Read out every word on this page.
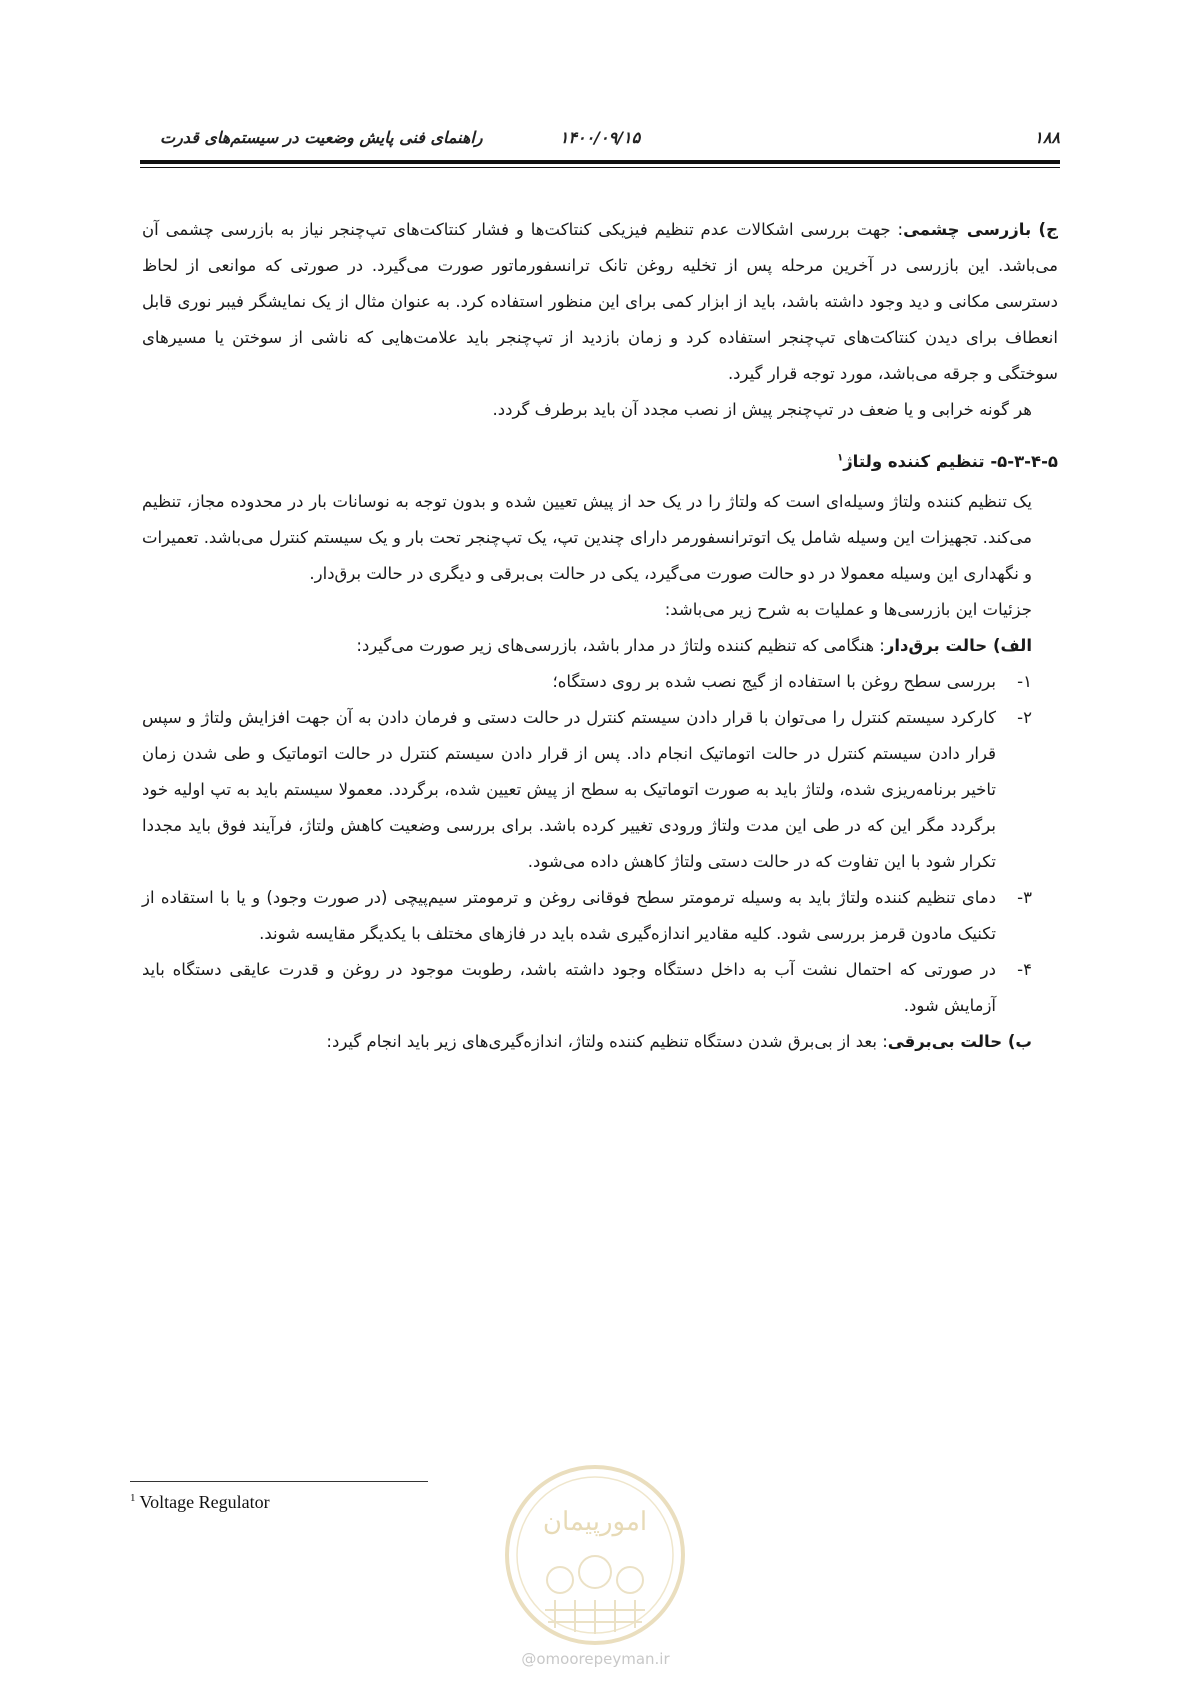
۱۸۸
۱۴۰۰/۰۹/۱۵
راهنمای فنی پایش وضعیت در سیستم‌های قدرت

ج) بازرسی چشمی: جهت بررسی اشکالات عدم تنظیم فیزیکی کنتاکت‌ها و فشار کنتاکت‌های تپ‌چنجر نیاز به بازرسی چشمی آن می‌باشد. این بازرسی در آخرین مرحله پس از تخلیه روغن تانک ترانسفورماتور صورت می‌گیرد. در صورتی که موانعی از لحاظ دسترسی مکانی و دید وجود داشته باشد، باید از ابزار کمی برای این منظور استفاده کرد. به عنوان مثال از یک نمایشگر فیبر نوری قابل انعطاف برای دیدن کنتاکت‌های تپ‌چنجر استفاده کرد و زمان بازدید از تپ‌چنجر باید علامت‌هایی که ناشی از سوختن یا مسیرهای سوختگی و جرقه می‌باشد، مورد توجه قرار گیرد.

هر گونه خرابی و یا ضعف در تپ‌چنجر پیش از نصب مجدد آن باید برطرف گردد.

۵-۳-۴-۵- تنظیم کننده ولتاژ$^۱$

یک تنظیم کننده ولتاژ وسیله‌ای است که ولتاژ را در یک حد از پیش تعیین شده و بدون توجه به نوسانات بار در محدوده مجاز، تنظیم می‌کند. تجهیزات این وسیله شامل یک اتوترانسفورمر دارای چندین تپ، یک تپ‌چنجر تحت بار و یک سیستم کنترل می‌باشد. تعمیرات و نگهداری این وسیله معمولا در دو حالت صورت می‌گیرد، یکی در حالت بی‌برقی و دیگری در حالت برق‌دار.

جزئیات این بازرسی‌ها و عملیات به شرح زیر می‌باشد:

الف) حالت برق‌دار: هنگامی که تنظیم کننده ولتاژ در مدار باشد، بازرسی‌های زیر صورت می‌گیرد:

۱-
بررسی سطح روغن با استفاده از گیج نصب شده بر روی دستگاه؛
۲-
کارکرد سیستم کنترل را می‌توان با قرار دادن سیستم کنترل در حالت دستی و فرمان دادن به آن جهت افزایش ولتاژ و سپس قرار دادن سیستم کنترل در حالت اتوماتیک انجام داد. پس از قرار دادن سیستم کنترل در حالت اتوماتیک و طی شدن زمان تاخیر برنامه‌ریزی شده، ولتاژ باید به صورت اتوماتیک به سطح از پیش تعیین شده، برگردد. معمولا سیستم باید به تپ اولیه خود برگردد مگر این که در طی این مدت ولتاژ ورودی تغییر کرده باشد. برای بررسی وضعیت کاهش ولتاژ، فرآیند فوق باید مجددا تکرار شود با این تفاوت که در حالت دستی ولتاژ کاهش داده می‌شود.
۳-
دمای تنظیم کننده ولتاژ باید به وسیله ترمومتر سطح فوقانی روغن و ترمومتر سیم‌پیچی (در صورت وجود) و یا با استقاده از تکنیک مادون قرمز بررسی شود. کلیه مقادیر اندازه‌گیری شده باید در فازهای مختلف با یکدیگر مقایسه شوند.
۴-
در صورتی که احتمال نشت آب به داخل دستگاه وجود داشته باشد، رطوبت موجود در روغن و قدرت عایقی دستگاه باید آزمایش شود.

ب) حالت بی‌برقی: بعد از بی‌برق شدن دستگاه تنظیم کننده ولتاژ، اندازه‌گیری‌های زیر باید انجام گیرد:

$^1$ Voltage Regulator
امورپیمان
@omoorepeyman.ir
